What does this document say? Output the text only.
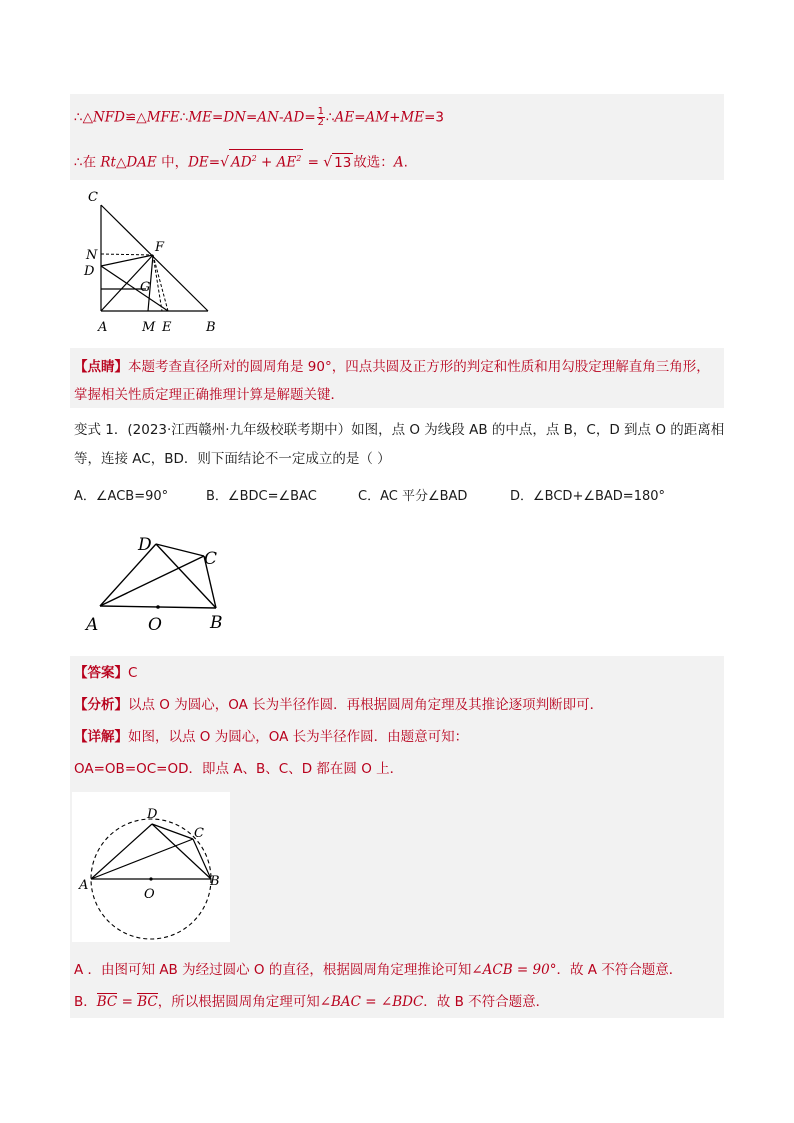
∴△NFD≌△MFE∴ME=DN=AN-AD= $\frac{1}{2}$ ∴AE=AM+ME=3
∴在 Rt△DAE 中，DE=√ $AD^2 + AE^2$ = √ 13 故选：A.
C
N
F
D
G
A	M E	B
【点睛】本题考查直径所对的圆周角是 90°，四点共圆及正方形的判定和性质和用勾股定理解直角三角形，
掌握相关性质定理正确推理计算是解题关键．
变式 1．(2023·江西赣州·九年级校联考期中）如图，点 O 为线段 AB 的中点，点 B，C，D 到点 O 的距离相
等，连接 AC，BD．则下面结论不一定成立的是（ ）
A．∠ACB=90°	B．∠BDC=∠BAC	C．AC 平分∠BAD	D．∠BCD+∠BAD=180°
D
C
A	O	B
【答案】C
【分析】以点 O 为圆心，OA 长为半径作圆．再根据圆周角定理及其推论逐项判断即可．
【详解】如图，以点 O 为圆心，OA 长为半径作圆．由题意可知：
OA=OB=OC=OD．即点 A、B、C、D 都在圆 O 上．
D
C
A
O
B
A ．由图可知 AB 为经过圆心 O 的直径，根据圆周角定理推论可知∠ACB = 90°．故 A 不符合题意．
B．BC = BC，所以根据圆周角定理可知∠BAC = ∠BDC．故 B 不符合题意．
